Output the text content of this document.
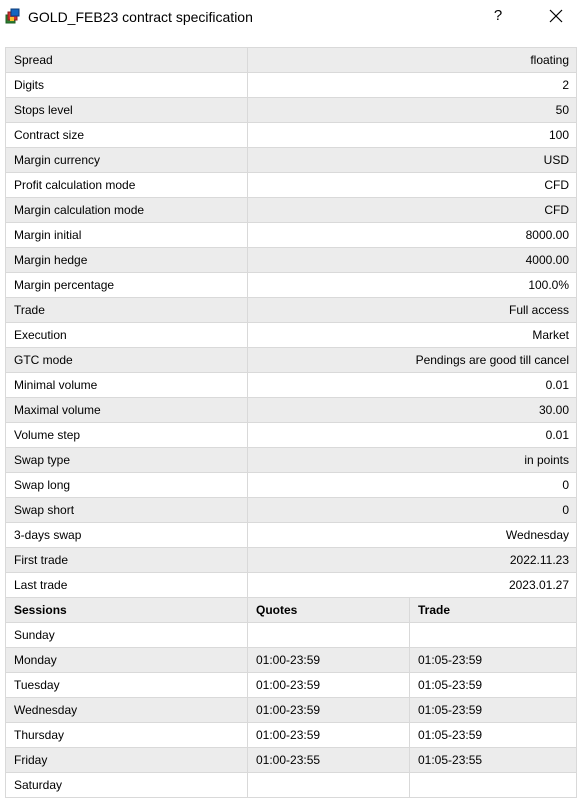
GOLD_FEB23 contract specification	?
Spread	floating	
Digits	2	
Stops level	50	
Contract size	100	
Margin currency	USD	
Profit calculation mode	CFD	
Margin calculation mode	CFD	
Margin initial	8000.00	
Margin hedge	4000.00	
Margin percentage	100.0%	
Trade	Full access	
Execution	Market	
GTC mode	Pendings are good till cancel	
Minimal volume	0.01	
Maximal volume	30.00	
Volume step	0.01	
Swap type	in points	
Swap long	0	
Swap short	0	
3-days swap	Wednesday	
First trade	2022.11.23	
Last trade	2023.01.27	
Sessions	Quotes	Trade
Sunday		
Monday	01:00-23:59	01:05-23:59
Tuesday	01:00-23:59	01:05-23:59
Wednesday	01:00-23:59	01:05-23:59
Thursday	01:00-23:59	01:05-23:59
Friday	01:00-23:55	01:05-23:55
Saturday		
